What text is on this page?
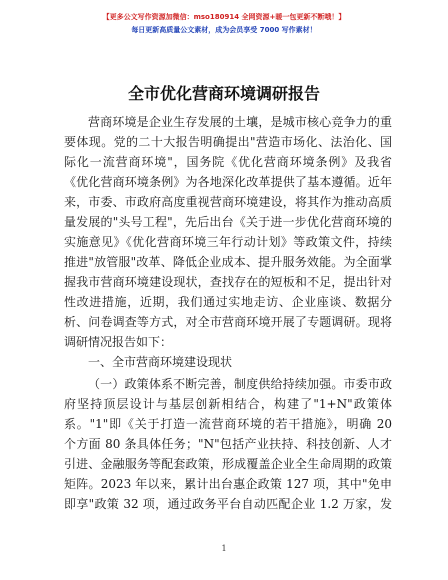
【更多公文写作资源加微信：mso180914 全网资源+暖一包更新不断哦！】
每日更新高质量公文素材，成为会员享受 7000 写作素材！
全市优化营商环境调研报告
营商环境是企业生存发展的土壤，是城市核心竞争力的重
要体现。党的二十大报告明确提出"营造市场化、法治化、国
际化一流营商环境"，国务院《优化营商环境条例》及我省
《优化营商环境条例》为各地深化改革提供了基本遵循。近年
来，市委、市政府高度重视营商环境建设，将其作为推动高质
量发展的"头号工程"，先后出台《关于进一步优化营商环境的
实施意见》《优化营商环境三年行动计划》等政策文件，持续
推进"放管服"改革、降低企业成本、提升服务效能。为全面掌
握我市营商环境建设现状，查找存在的短板和不足，提出针对
性改进措施，近期，我们通过实地走访、企业座谈、数据分
析、问卷调查等方式，对全市营商环境开展了专题调研。现将
调研情况报告如下：
一、全市营商环境建设现状
（一）政策体系不断完善，制度供给持续加强。市委市政
府坚持顶层设计与基层创新相结合，构建了"1+N"政策体
系。"1"即《关于打造一流营商环境的若干措施》，明确 20
个方面 80 条具体任务；"N"包括产业扶持、科技创新、人才
引进、金融服务等配套政策，形成覆盖企业全生命周期的政策
矩阵。2023 年以来，累计出台惠企政策 127 项，其中"免申
即享"政策 32 项，通过政务平台自动匹配企业 1.2 万家，发
1
